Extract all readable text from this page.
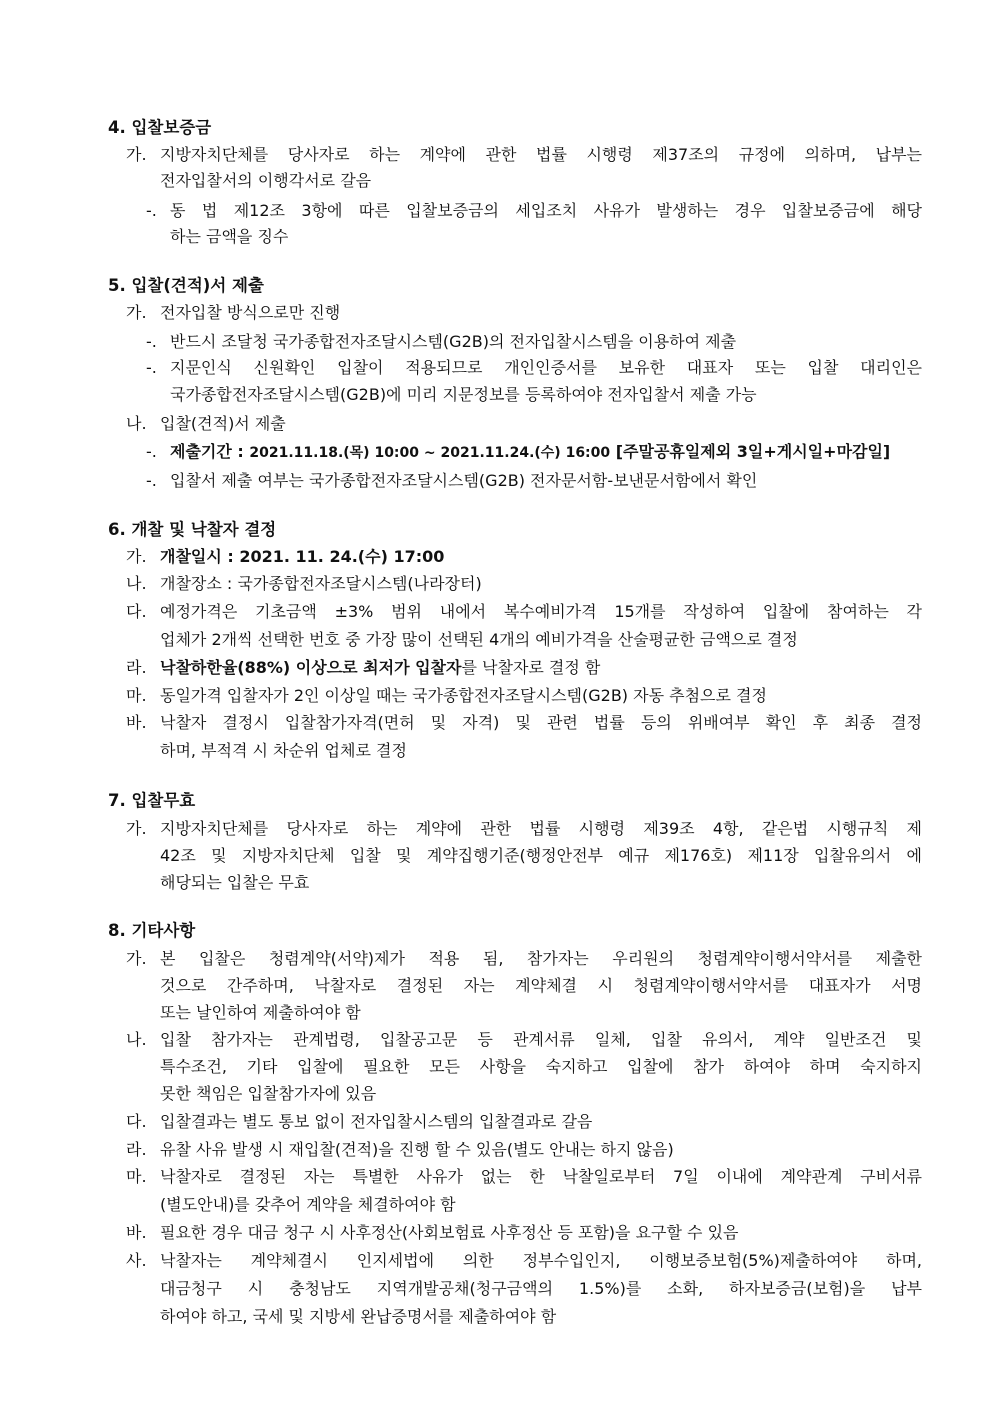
4. 입찰보증금
가. 지방자치단체를 당사자로 하는 계약에 관한 법률 시행령 제37조의 규정에 의하며, 납부는
전자입찰서의 이행각서로 갈음
-. 동 법 제12조 3항에 따른 입찰보증금의 세입조치 사유가 발생하는 경우 입찰보증금에 해당
하는 금액을 징수
5. 입찰(견적)서 제출
가. 전자입찰 방식으로만 진행
-. 반드시 조달청 국가종합전자조달시스템(G2B)의 전자입찰시스템을 이용하여 제출
-. 지문인식 신원확인 입찰이 적용되므로 개인인증서를 보유한 대표자 또는 입찰 대리인은
국가종합전자조달시스템(G2B)에 미리 지문정보를 등록하여야 전자입찰서 제출 가능
나. 입찰(견적)서 제출
-. 제출기간 : 2021.11.18.(목) 10:00 ~ 2021.11.24.(수) 16:00 [주말공휴일제외 3일+게시일+마감일]
-. 입찰서 제출 여부는 국가종합전자조달시스템(G2B) 전자문서함-보낸문서함에서 확인
6. 개찰 및 낙찰자 결정
가. 개찰일시 : 2021. 11. 24.(수) 17:00
나. 개찰장소 : 국가종합전자조달시스템(나라장터)
다. 예정가격은 기초금액 ±3% 범위 내에서 복수예비가격 15개를 작성하여 입찰에 참여하는 각
업체가 2개씩 선택한 번호 중 가장 많이 선택된 4개의 예비가격을 산술평균한 금액으로 결정
라. 낙찰하한율(88%) 이상으로 최저가 입찰자를 낙찰자로 결정 함
마. 동일가격 입찰자가 2인 이상일 때는 국가종합전자조달시스템(G2B) 자동 추첨으로 결정
바. 낙찰자 결정시 입찰참가자격(면허 및 자격) 및 관련 법률 등의 위배여부 확인 후 최종 결정
하며, 부적격 시 차순위 업체로 결정
7. 입찰무효
가. 지방자치단체를 당사자로 하는 계약에 관한 법률 시행령 제39조 4항, 같은법 시행규칙 제
42조 및 지방자치단체 입찰 및 계약집행기준(행정안전부 예규 제176호) 제11장 입찰유의서 에
해당되는 입찰은 무효
8. 기타사항
가. 본 입찰은 청렴계약(서약)제가 적용 됨, 참가자는 우리원의 청렴계약이행서약서를 제출한
것으로 간주하며, 낙찰자로 결정된 자는 계약체결 시 청렴계약이행서약서를 대표자가 서명
또는 날인하여 제출하여야 함
나. 입찰 참가자는 관계법령, 입찰공고문 등 관계서류 일체, 입찰 유의서, 계약 일반조건 및
특수조건, 기타 입찰에 필요한 모든 사항을 숙지하고 입찰에 참가 하여야 하며 숙지하지
못한 책임은 입찰참가자에 있음
다. 입찰결과는 별도 통보 없이 전자입찰시스템의 입찰결과로 갈음
라. 유찰 사유 발생 시 재입찰(견적)을 진행 할 수 있음(별도 안내는 하지 않음)
마. 낙찰자로 결정된 자는 특별한 사유가 없는 한 낙찰일로부터 7일 이내에 계약관계 구비서류
(별도안내)를 갖추어 계약을 체결하여야 함
바. 필요한 경우 대금 청구 시 사후정산(사회보험료 사후정산 등 포함)을 요구할 수 있음
사. 낙찰자는 계약체결시 인지세법에 의한 정부수입인지, 이행보증보험(5%)제출하여야 하며,
대금청구 시 충청남도 지역개발공채(청구금액의 1.5%)를 소화, 하자보증금(보험)을 납부
하여야 하고, 국세 및 지방세 완납증명서를 제출하여야 함
